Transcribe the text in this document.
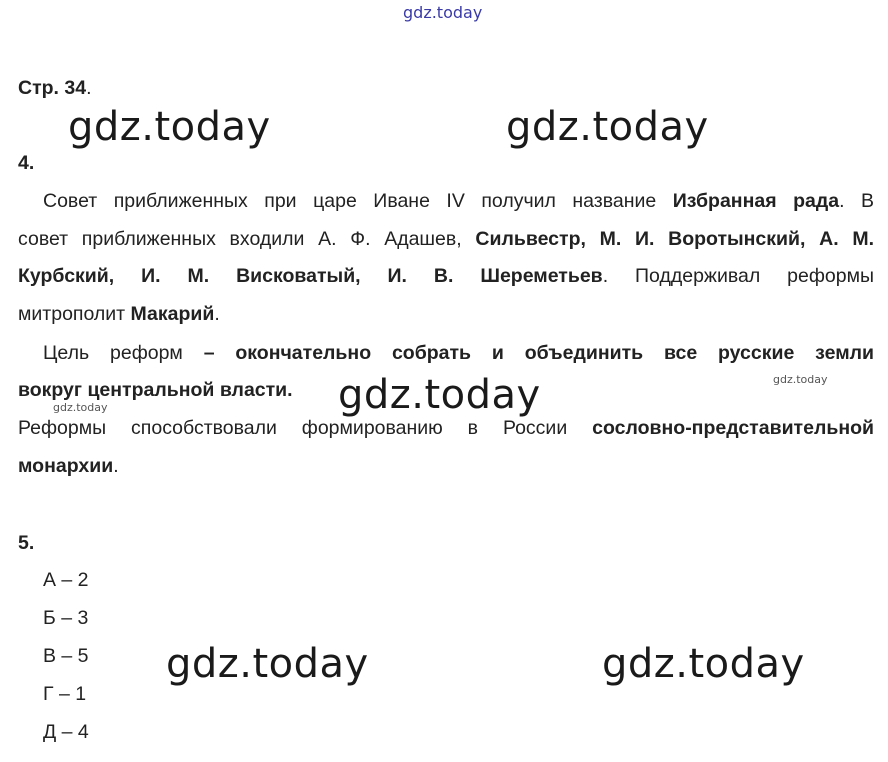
gdz.today
Стр. 34.
gdz.today	gdz.today
4.
Совет приближенных при царе Иване IV получил название Избранная рада. В
совет приближенных входили А. Ф. Адашев, Сильвестр, М. И. Воротынский, А. М.
Курбский, И. М. Висковатый, И. В. Шереметьев. Поддерживал реформы
митрополит Макарий.
Цель реформ – окончательно собрать и объединить все русские земли
вокруг центральной власти.	gdz.today	gdz.today
gdz.today
Реформы способствовали формированию в России сословно-представительной
монархии.
5.
А – 2
Б – 3
В – 5
Г – 1
Д – 4
gdz.today	gdz.today
